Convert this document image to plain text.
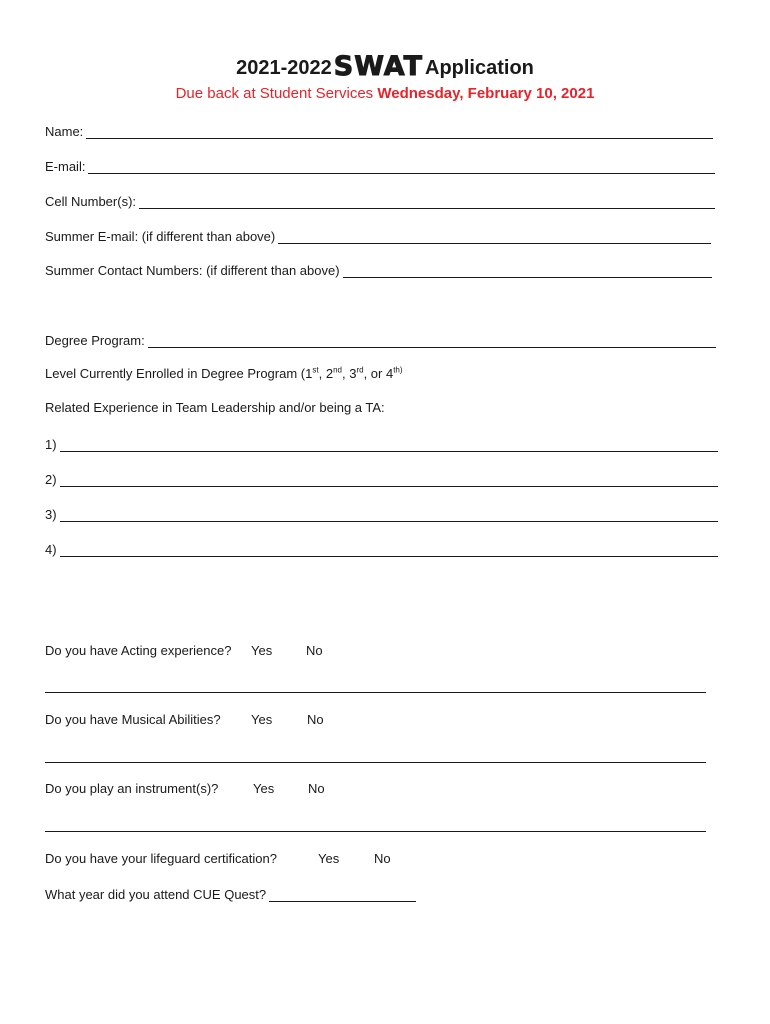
2021-2022SWAT Application
Due back at Student Services Wednesday, February 10, 2021
Name:
E-mail:
Cell Number(s):
Summer E-mail: (if different than above)
Summer Contact Numbers: (if different than above)
Degree Program:
Level Currently Enrolled in Degree Program (1st, 2nd, 3rd, or $4^{th)}$
Related Experience in Team Leadership and/or being a TA:
1)
2)
3)
4)
Do you have Acting experience? Yes	No
Do you have Musical Abilities? Yes	No
Do you play an instrument(s)?	Yes	No
Do you have your lifeguard certification?	Yes	No
What year did you attend CUE Quest?
